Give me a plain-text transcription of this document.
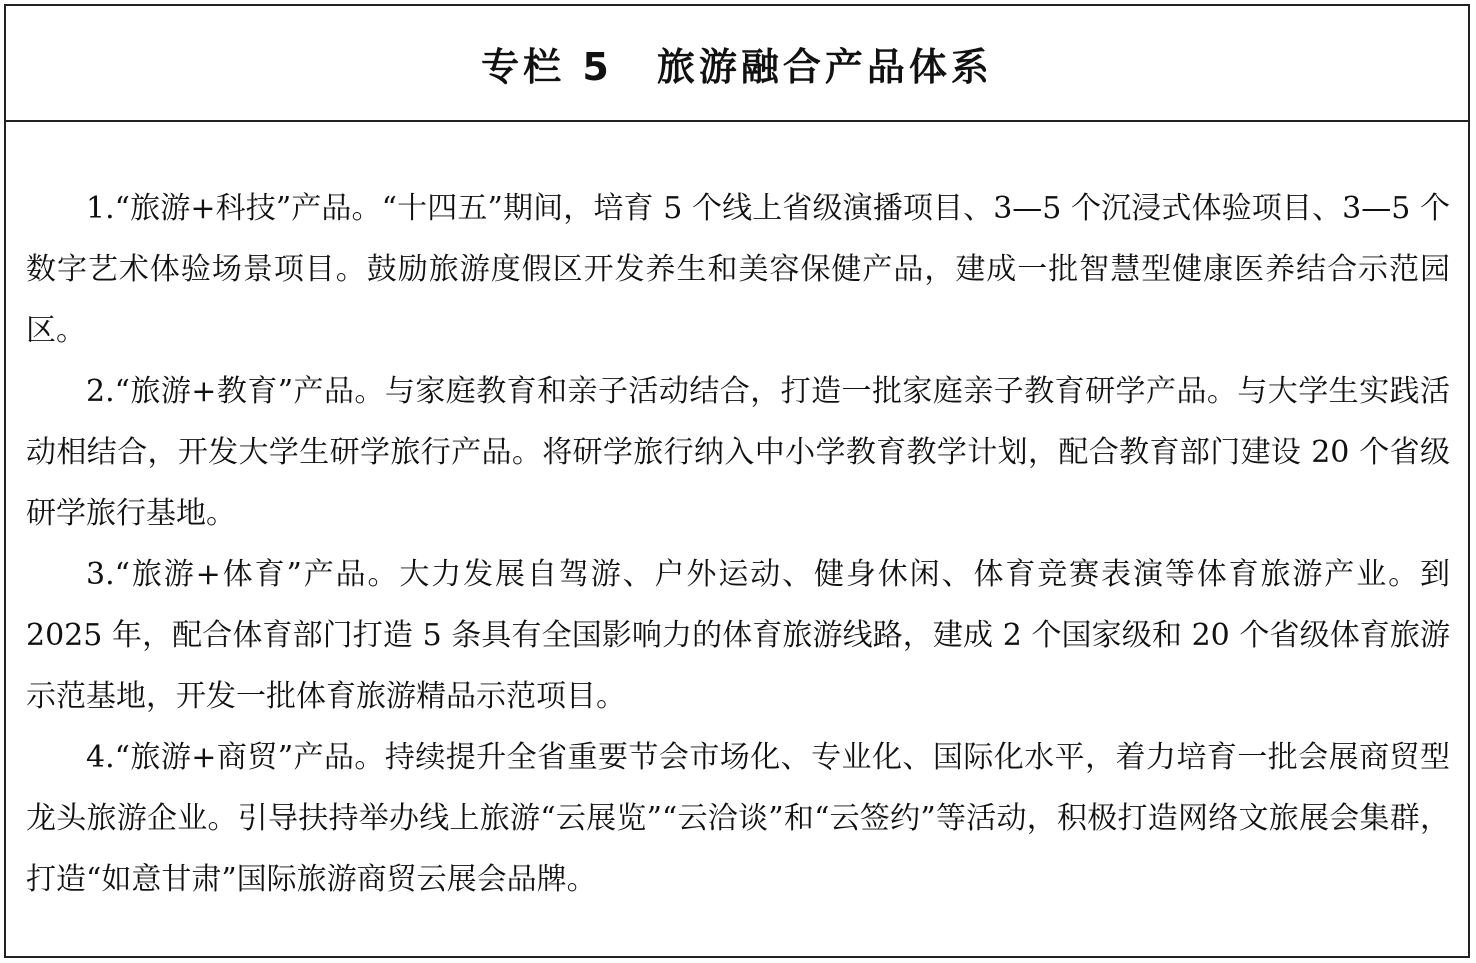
专栏 5 旅游融合产品体系

1.“旅游+科技”产品。“十四五”期间，培育 5 个线上省级演播项目、3—5 个沉浸式体验项目、3—5 个数字艺术体验场景项目。鼓励旅游度假区开发养生和美容保健产品，建成一批智慧型健康医养结合示范园区。

2.“旅游+教育”产品。与家庭教育和亲子活动结合，打造一批家庭亲子教育研学产品。与大学生实践活动相结合，开发大学生研学旅行产品。将研学旅行纳入中小学教育教学计划，配合教育部门建设 20 个省级研学旅行基地。

3.“旅游+体育”产品。大力发展自驾游、户外运动、健身休闲、体育竞赛表演等体育旅游产业。到 2025 年，配合体育部门打造 5 条具有全国影响力的体育旅游线路，建成 2 个国家级和 20 个省级体育旅游示范基地，开发一批体育旅游精品示范项目。

4.“旅游+商贸”产品。持续提升全省重要节会市场化、专业化、国际化水平，着力培育一批会展商贸型龙头旅游企业。引导扶持举办线上旅游“云展览”“云洽谈”和“云签约”等活动，积极打造网络文旅展会集群，打造“如意甘肃”国际旅游商贸云展会品牌。
